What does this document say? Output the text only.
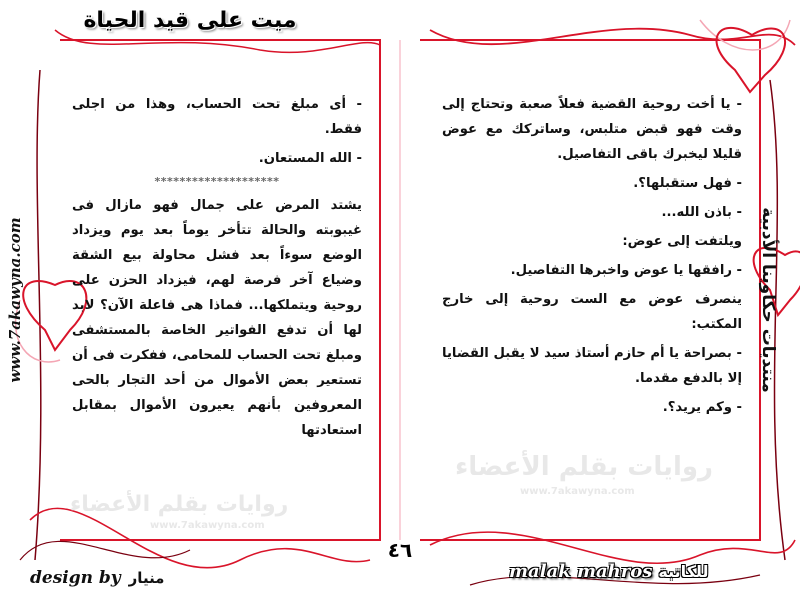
روايات بقلم الأعضاء
www.7akawyna.com
روايات بقلم الأعضاء
www.7akawyna.com
www.7akawyna.com	منتديات حكاوينا الأدبية
ميت على قيد الحياة

- أى مبلغ تحت الحساب، وهذا من اجلى فقط.

- الله المستعان.

********************

يشتد المرض على جمال فهو مازال فى غيبوبته والحالة تتأخر يوماً بعد يوم ويزداد الوضع سوءاً بعد فشل محاولة بيع الشقة وضياع آخر فرصة لهم، فيزداد الحزن على روحية ويتملكها... فماذا هى فاعلة الآن؟ لابد لها أن تدفع الفواتير الخاصة بالمستشفى ومبلغ تحت الحساب للمحامى، ففكرت فى أن تستعير بعض الأموال من أحد التجار بالحى المعروفين بأنهم يعيرون الأموال بمقابل استعادتها

- يا أخت روحية القضية فعلاً صعبة وتحتاج إلى وقت فهو قبض متلبس، وساتركك مع عوض قليلا ليخبرك باقى التفاصيل.

- فهل ستقبلها؟.

- باذن الله...

ويلتفت إلى عوض:

- رافقها يا عوض واخبرها التفاصيل.

ينصرف عوض مع الست روحية إلى خارج المكتب:

- بصراحة يا أم حازم أستاذ سيد لا يقبل القضايا إلا بالدفع مقدما.

- وكم يريد؟.

٤٦
malak mahros للكاتبة
design by منيار
